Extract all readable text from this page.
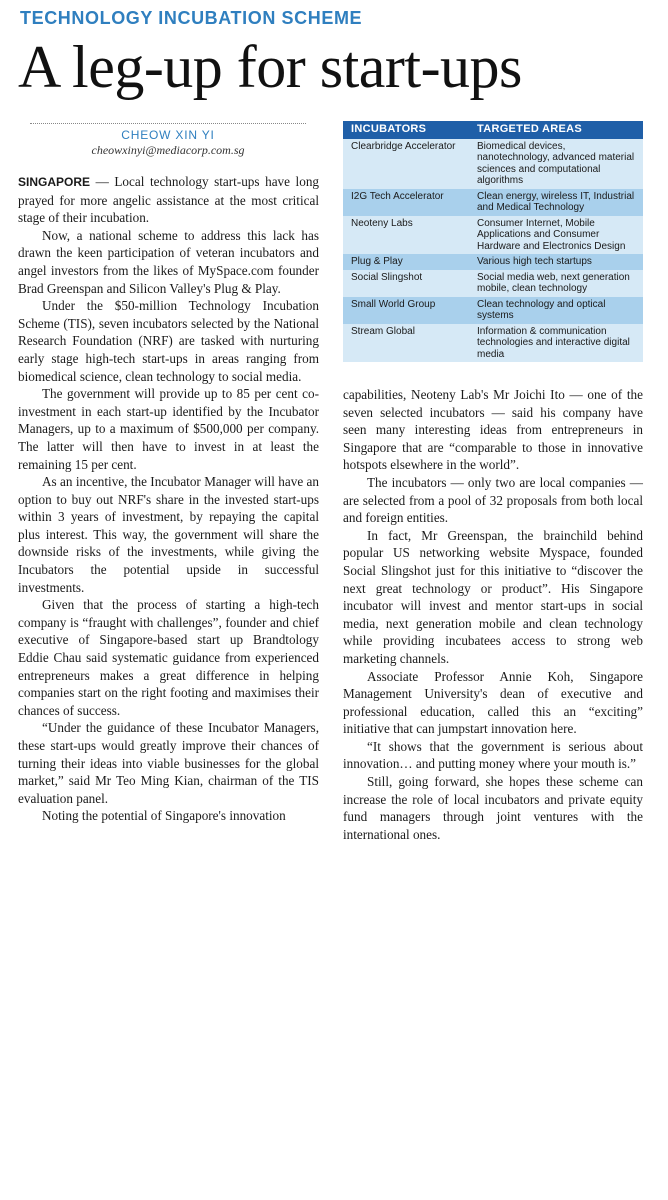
TECHNOLOGY INCUBATION SCHEME
A leg-up for start-ups
CHEOW XIN YI
cheowxinyi@mediacorp.com.sg

SINGAPORE — Local technology start-ups have long prayed for more angelic assistance at the most critical stage of their incubation.

Now, a national scheme to address this lack has drawn the keen participation of veteran incubators and angel investors from the likes of MySpace.com founder Brad Greenspan and Silicon Valley's Plug & Play.

Under the $50-million Technology Incubation Scheme (TIS), seven incubators selected by the National Research Foundation (NRF) are tasked with nurturing early stage high-tech start-ups in areas ranging from biomedical science, clean technology to social media.

The government will provide up to 85 per cent co-investment in each start-up identified by the Incubator Managers, up to a maximum of $500,000 per company. The latter will then have to invest in at least the remaining 15 per cent.

As an incentive, the Incubator Manager will have an option to buy out NRF's share in the invested start-ups within 3 years of investment, by repaying the capital plus interest. This way, the government will share the downside risks of the investments, while giving the Incubators the potential upside in successful investments.

Given that the process of starting a high-tech company is “fraught with challenges”, founder and chief executive of Singapore-based start up Brandtology Eddie Chau said systematic guidance from experienced entrepreneurs makes a great difference in helping companies start on the right footing and maximises their chances of success.

“Under the guidance of these Incubator Managers, these start-ups would greatly improve their chances of turning their ideas into viable businesses for the global market,” said Mr Teo Ming Kian, chairman of the TIS evaluation panel.

Noting the potential of Singapore's innovation

INCUBATORS	TARGETED AREAS
Clearbridge Accelerator	Biomedical devices, nanotechnology, advanced material sciences and computational algorithms
I2G Tech Accelerator	Clean energy, wireless IT, Industrial and Medical Technology
Neoteny Labs	Consumer Internet, Mobile Applications and Consumer Hardware and Electronics Design
Plug & Play	Various high tech startups
Social Slingshot	Social media web, next generation mobile, clean technology
Small World Group	Clean technology and optical systems
Stream Global	Information & communication technologies and interactive digital media

capabilities, Neoteny Lab's Mr Joichi Ito — one of the seven selected incubators — said his company have seen many interesting ideas from entrepreneurs in Singapore that are “comparable to those in innovative hotspots elsewhere in the world”.

The incubators — only two are local companies — are selected from a pool of 32 proposals from both local and foreign entities.

In fact, Mr Greenspan, the brainchild behind popular US networking website Myspace, founded Social Slingshot just for this initiative to “discover the next great technology or product”. His Singapore incubator will invest and mentor start-ups in social media, next generation mobile and clean technology while providing incubatees access to strong web marketing channels.

Associate Professor Annie Koh, Singapore Management University's dean of executive and professional education, called this an “exciting” initiative that can jumpstart innovation here.

“It shows that the government is serious about innovation… and putting money where your mouth is.”

Still, going forward, she hopes these scheme can increase the role of local incubators and private equity fund managers through joint ventures with the international ones.
